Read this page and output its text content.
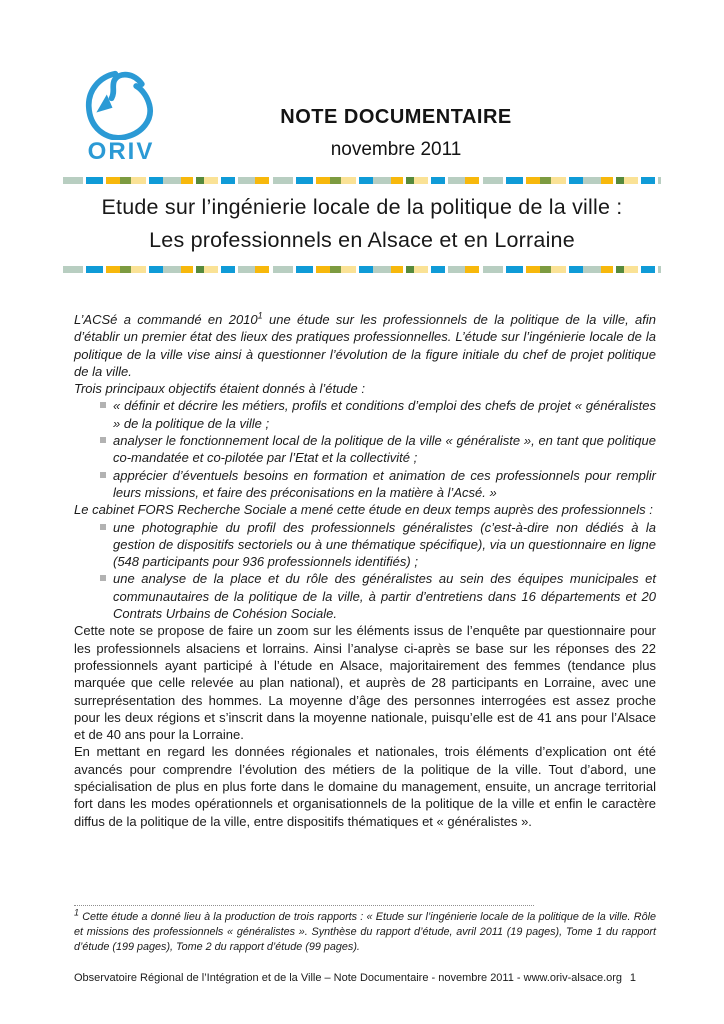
ORIV
NOTE DOCUMENTAIRE
novembre 2011
Etude sur l’ingénierie locale de la politique de la ville :
Les professionnels en Alsace et en Lorraine

L’ACSé a commandé en 2010$^1$ une étude sur les professionnels de la politique de la ville, afin d’établir un premier état des lieux des pratiques professionnelles. L’étude sur l’ingénierie locale de la politique de la ville vise ainsi à questionner l’évolution de la figure initiale du chef de projet politique de la ville.

Trois principaux objectifs étaient donnés à l’étude :

« définir et décrire les métiers, profils et conditions d’emploi des chefs de projet « généralistes » de la politique de la ville ;
analyser le fonctionnement local de la politique de la ville « généraliste », en tant que politique co-mandatée et co-pilotée par l’Etat et la collectivité ;
apprécier d’éventuels besoins en formation et animation de ces professionnels pour remplir leurs missions, et faire des préconisations en la matière à l’Acsé. »

Le cabinet FORS Recherche Sociale a mené cette étude en deux temps auprès des professionnels :

une photographie du profil des professionnels généralistes (c’est-à-dire non dédiés à la gestion de dispositifs sectoriels ou à une thématique spécifique), via un questionnaire en ligne (548 participants pour 936 professionnels identifiés) ;
une analyse de la place et du rôle des généralistes au sein des équipes municipales et communautaires de la politique de la ville, à partir d’entretiens dans 16 départements et 20 Contrats Urbains de Cohésion Sociale.

Cette note se propose de faire un zoom sur les éléments issus de l’enquête par questionnaire pour les professionnels alsaciens et lorrains. Ainsi l’analyse ci-après se base sur les réponses des 22 professionnels ayant participé à l’étude en Alsace, majoritairement des femmes (tendance plus marquée que celle relevée au plan national), et auprès de 28 participants en Lorraine, avec une surreprésentation des hommes. La moyenne d’âge des personnes interrogées est assez proche pour les deux régions et s’inscrit dans la moyenne nationale, puisqu’elle est de 41 ans pour l’Alsace et de 40 ans pour la Lorraine.

En mettant en regard les données régionales et nationales, trois éléments d’explication ont été avancés pour comprendre l’évolution des métiers de la politique de la ville. Tout d’abord, une spécialisation de plus en plus forte dans le domaine du management, ensuite, un ancrage territorial fort dans les modes opérationnels et organisationnels de la politique de la ville et enfin le caractère diffus de la politique de la ville, entre dispositifs thématiques et « généralistes ».

$^1$ Cette étude a donné lieu à la production de trois rapports : « Etude sur l’ingénierie locale de la politique de la ville. Rôle et missions des professionnels « généralistes ». Synthèse du rapport d’étude, avril 2011 (19 pages), Tome 1 du rapport d’étude (199 pages), Tome 2 du rapport d’étude (99 pages).

Observatoire Régional de l’Intégration et de la Ville – Note Documentaire - novembre 2011 - www.oriv-alsace.org 1
